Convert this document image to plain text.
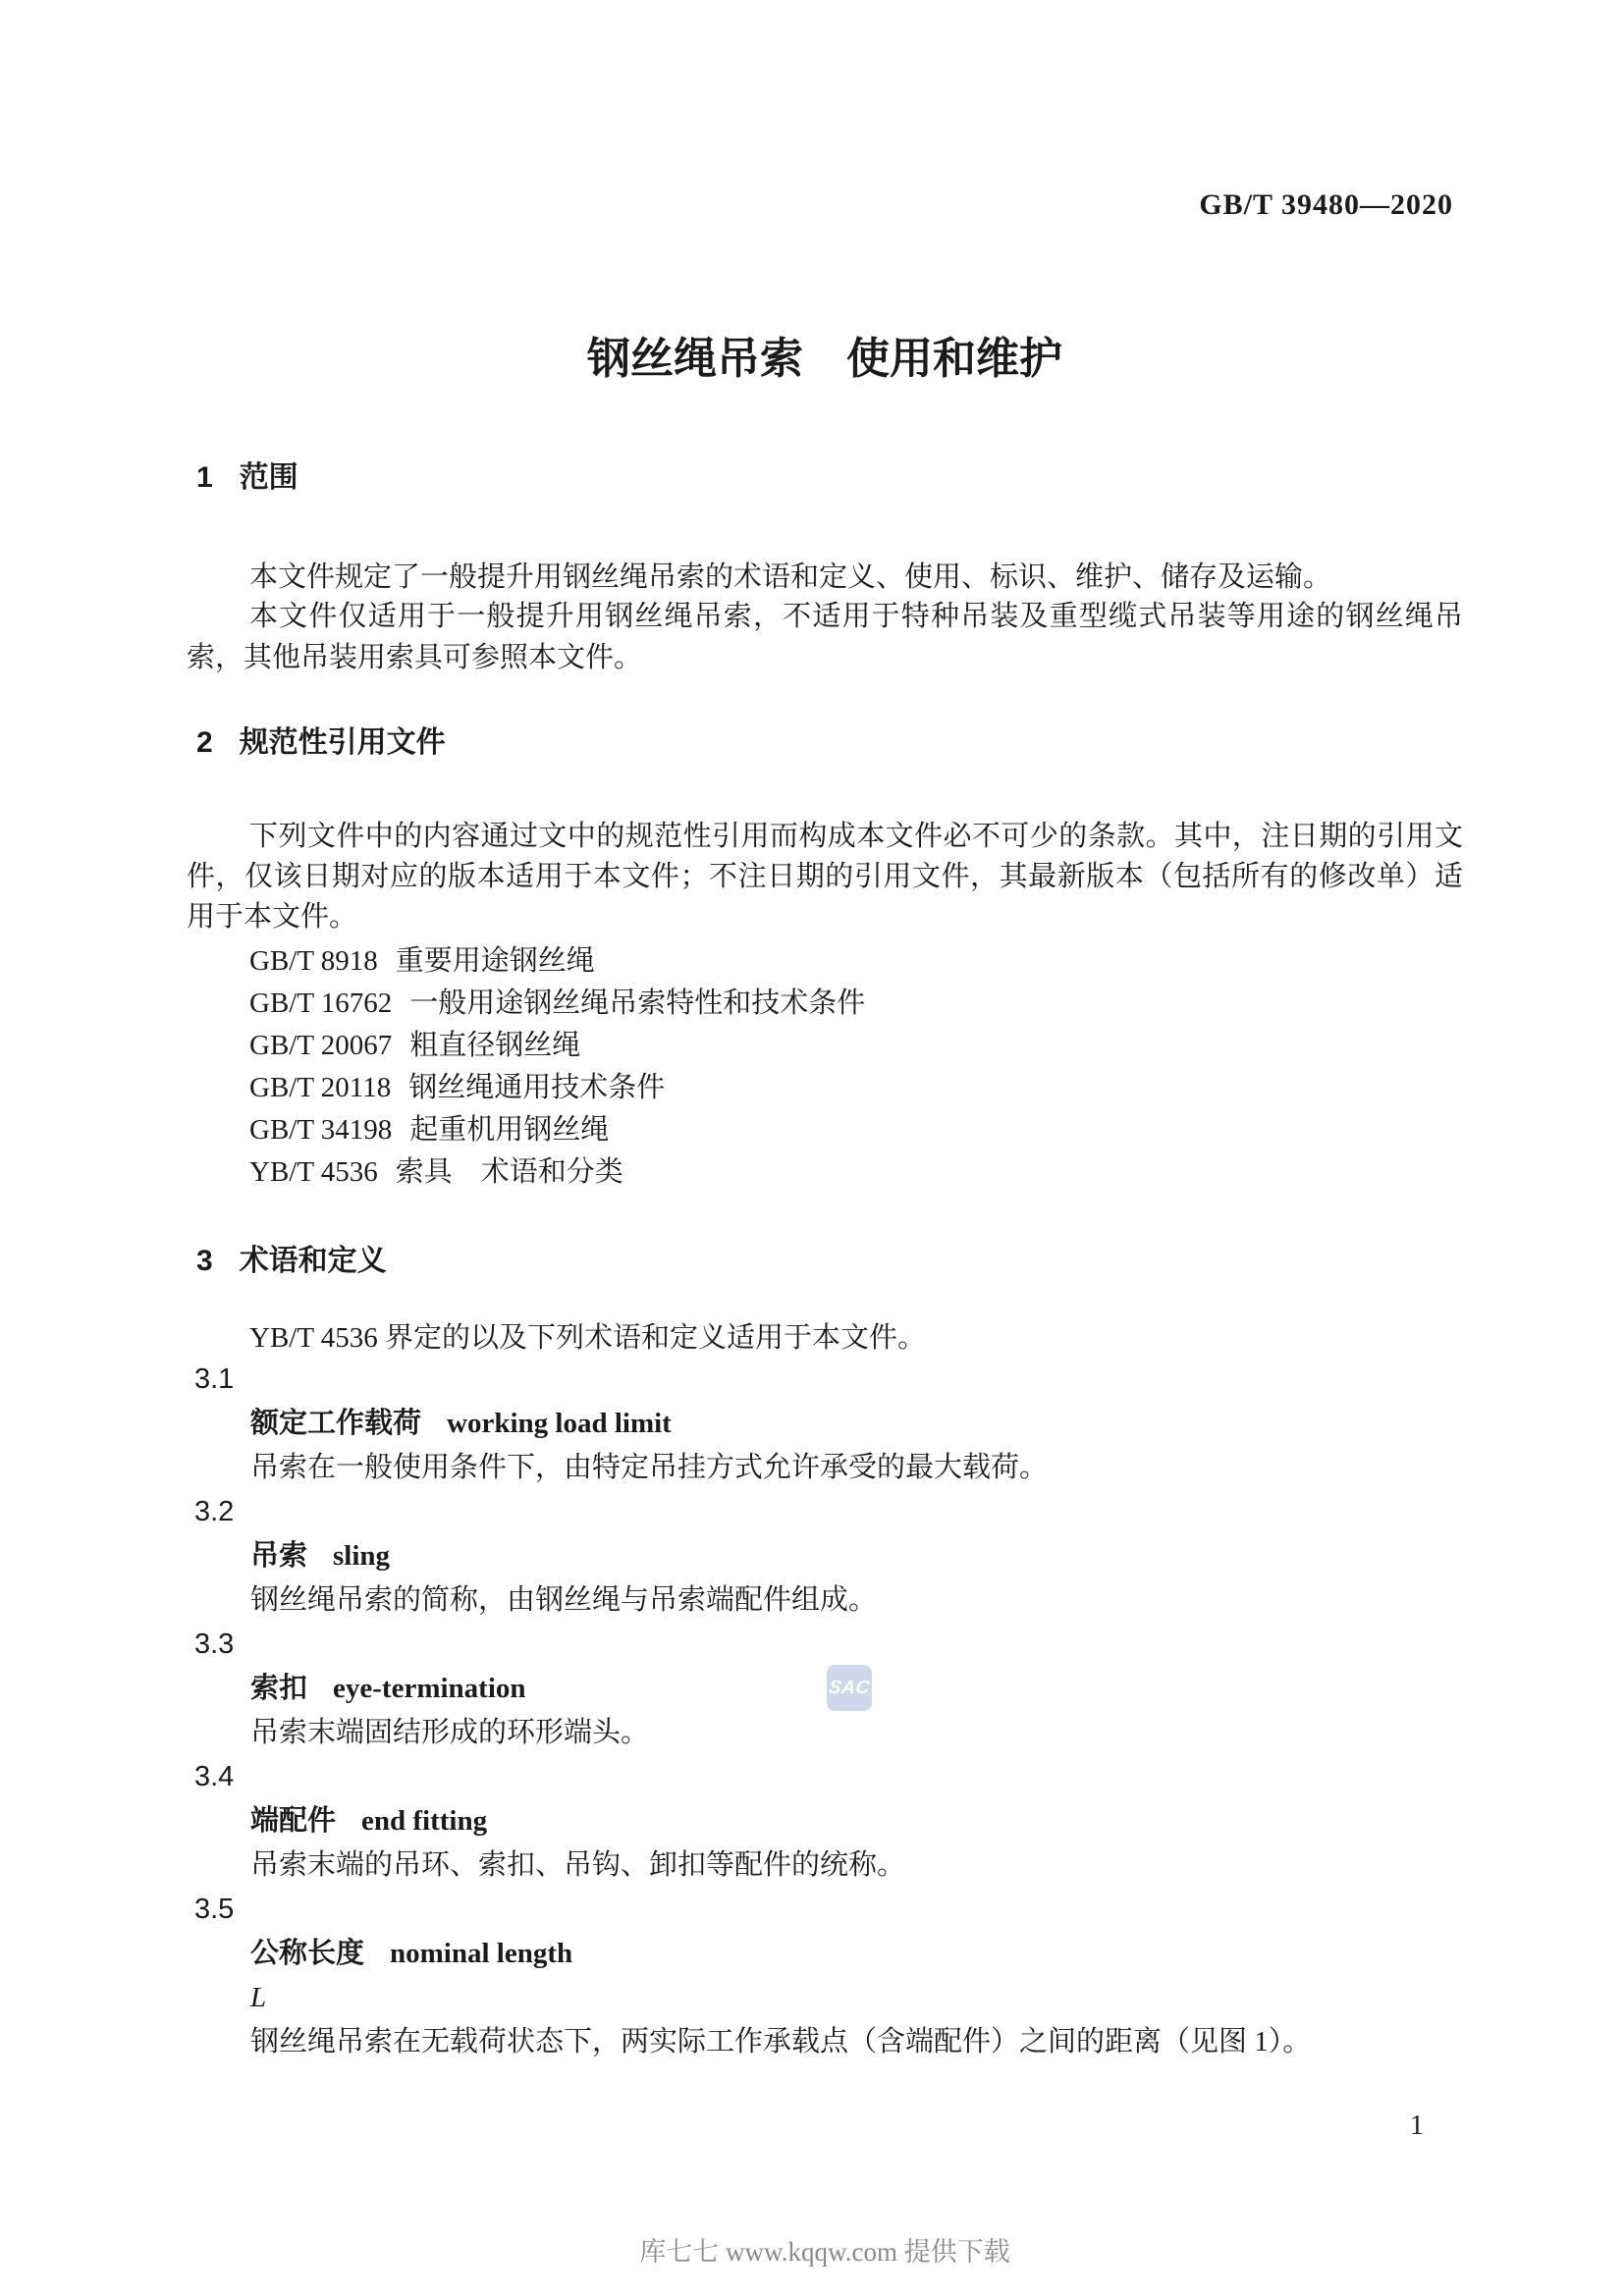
GB/T 39480—2020
钢丝绳吊索 使用和维护
1 范围

本文件规定了一般提升用钢丝绳吊索的术语和定义、使用、标识、维护、储存及运输。

本文件仅适用于一般提升用钢丝绳吊索，不适用于特种吊装及重型缆式吊装等用途的钢丝绳吊索，其他吊装用索具可参照本文件。

2 规范性引用文件

下列文件中的内容通过文中的规范性引用而构成本文件必不可少的条款。其中，注日期的引用文件，仅该日期对应的版本适用于本文件；不注日期的引用文件，其最新版本（包括所有的修改单）适用于本文件。

GB/T 8918 重要用途钢丝绳
GB/T 16762 一般用途钢丝绳吊索特性和技术条件
GB/T 20067 粗直径钢丝绳
GB/T 20118 钢丝绳通用技术条件
GB/T 34198 起重机用钢丝绳
YB/T 4536 索具　术语和分类
3 术语和定义

YB/T 4536 界定的以及下列术语和定义适用于本文件。

3.1
额定工作载荷 working load limit
吊索在一般使用条件下，由特定吊挂方式允许承受的最大载荷。
3.2
吊索 sling
钢丝绳吊索的简称，由钢丝绳与吊索端配件组成。
3.3
索扣 eye-termination
吊索末端固结形成的环形端头。
3.4
端配件 end fitting
吊索末端的吊环、索扣、吊钩、卸扣等配件的统称。
3.5
公称长度 nominal length
L
钢丝绳吊索在无载荷状态下，两实际工作承载点（含端配件）之间的距离（见图 1）。
SAC
1
库七七 www.kqqw.com 提供下载
